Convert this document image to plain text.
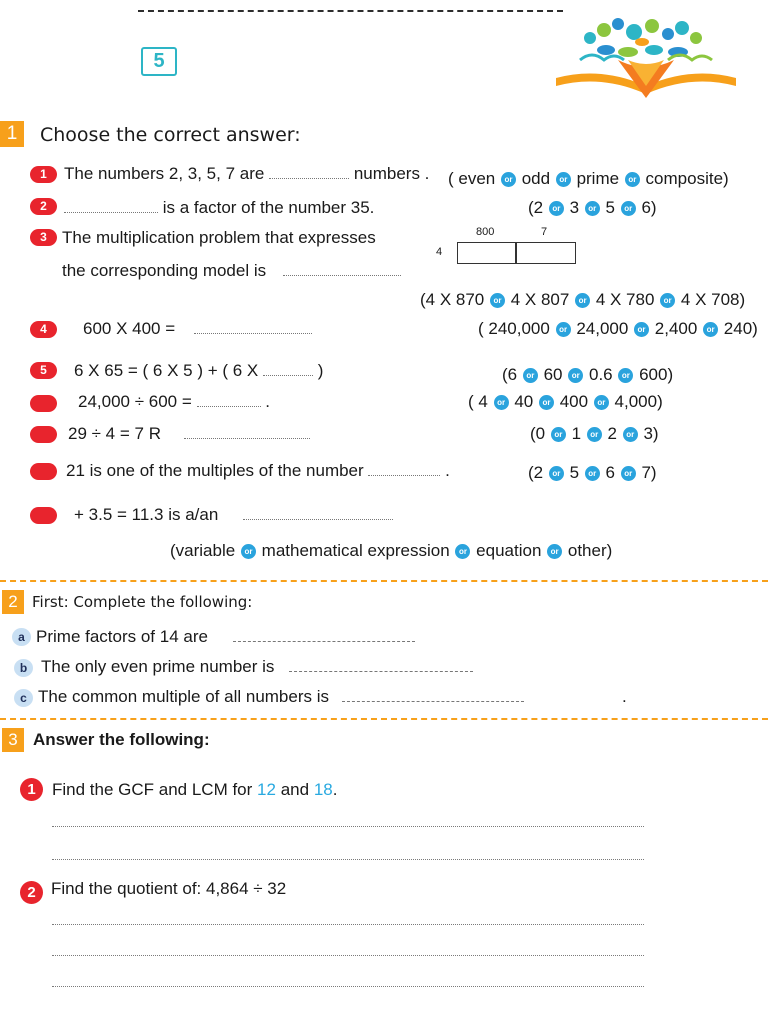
5
1	Choose the correct answer:
1	The numbers 2, 3, 5, 7 are	numbers . ( even or odd or prime or composite)
2	is a factor of the number 35.	(2 or 3 or 5 or 6)
3 The multiplication problem that expresses
the corresponding model is
800	7
4
(4 X 870 or 4 X 807 or 4 X 780 or 4 X 708)
4	600 X 400 =	( 240,000 or 24,000 or 2,400 or 240)
5	6 X 65 = ( 6 X 5 ) + ( 6 X	)	(6 or 60 or 0.6 or 600)
24,000 ÷ 600 =	.	( 4 or 40 or 400 or 4,000)
29 ÷ 4 = 7 R	(0 or 1 or 2 or 3)
21 is one of the multiples of the number	.	(2 or 5 or 6 or 7)
+ 3.5 = 11.3 is a/an
(variable or mathematical expression or equation or other)
2 First: Complete the following:
a Prime factors of 14 are
b The only even prime number is
c The common multiple of all numbers is	.
3 Answer the following:
1 Find the GCF and LCM for 12 and 18.
2 Find the quotient of: 4,864 ÷ 32
